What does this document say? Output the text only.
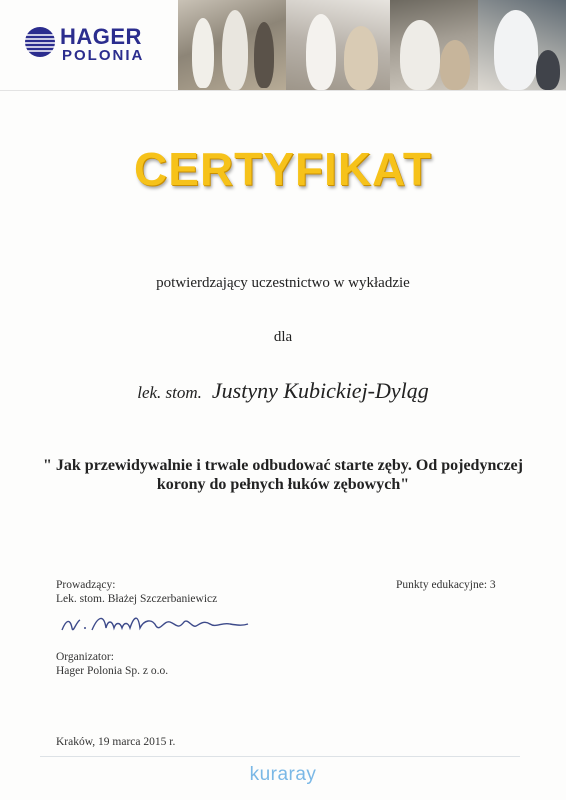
HAGER
POLONIA
CERTYFIKAT
potwierdzający uczestnictwo w wykładzie
dla
lek. stom. Justyny Kubickiej-Dyląg
" Jak przewidywalnie i trwale odbudować starte zęby. Od pojedynczej
korony do pełnych łuków zębowych"
Prowadzący:
Lek. stom. Błażej Szczerbaniewicz
Punkty edukacyjne: 3
Organizator:
Hager Polonia Sp. z o.o.
Kraków, 19 marca 2015 r.
kuraray
